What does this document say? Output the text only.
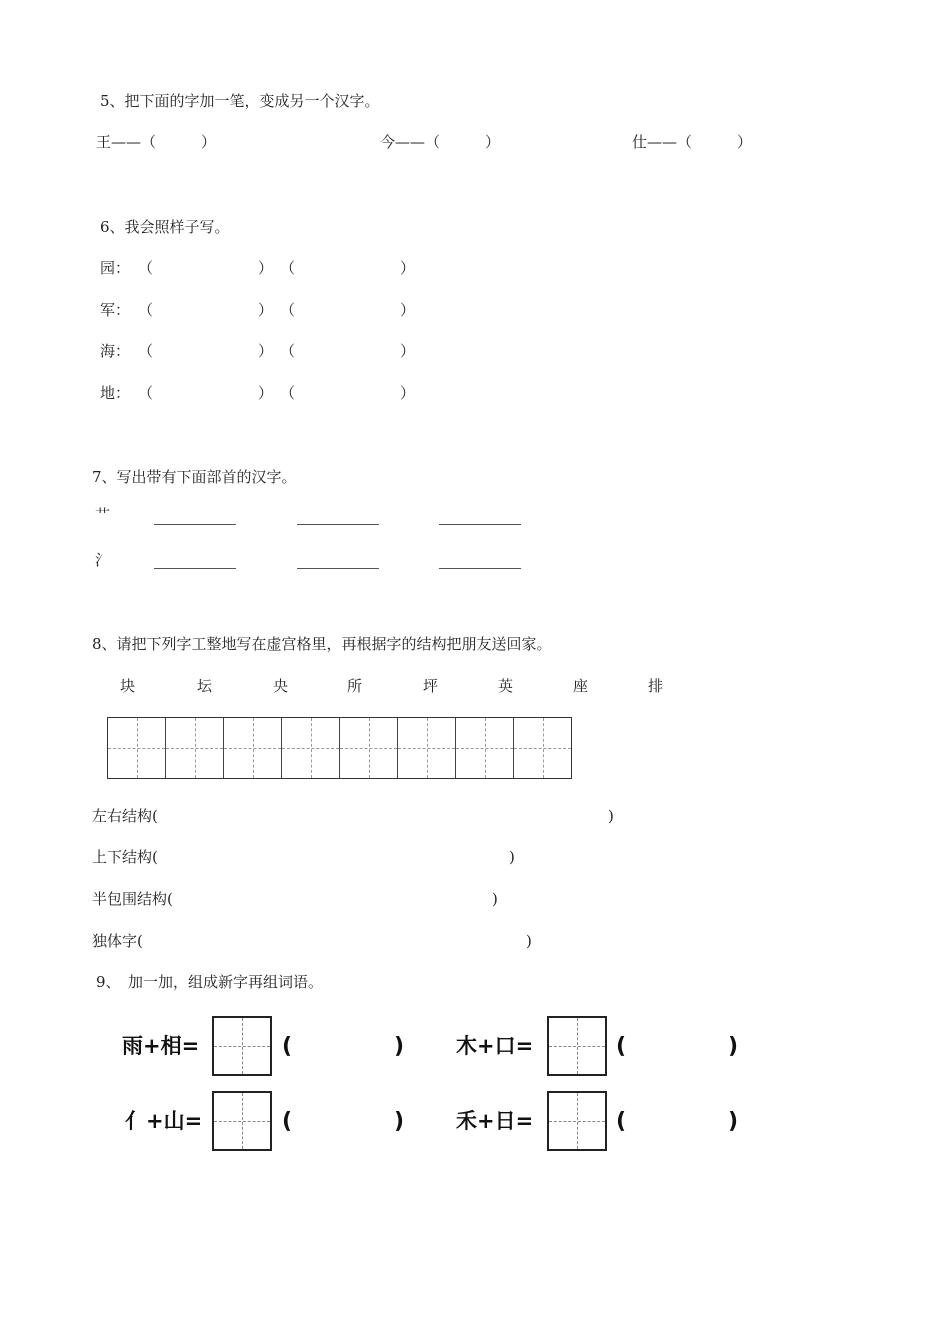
5、把下面的字加一笔，变成另一个汉字。
王——（　　　）	今——（　　　）	仕——（　　　）
6、我会照样子写。
园： （　　　　　　　） （　　　　　　　）
军： （　　　　　　　） （　　　　　　　）
海： （　　　　　　　） （　　　　　　　）
地： （　　　　　　　） （　　　　　　　）
7、写出带有下面部首的汉字。
艹
氵
8、请把下列字工整地写在虚宫格里，再根据字的结构把朋友送回家。
块	坛	央	所	坪	英	座	排
左右结构(	)
上下结构(	)
半包围结构(	)
独体字(	)
9、　加一加，组成新字再组词语。
雨+相=	(	) 木+口=	(	)
亻+山=	(	) 禾+日=	(	)
